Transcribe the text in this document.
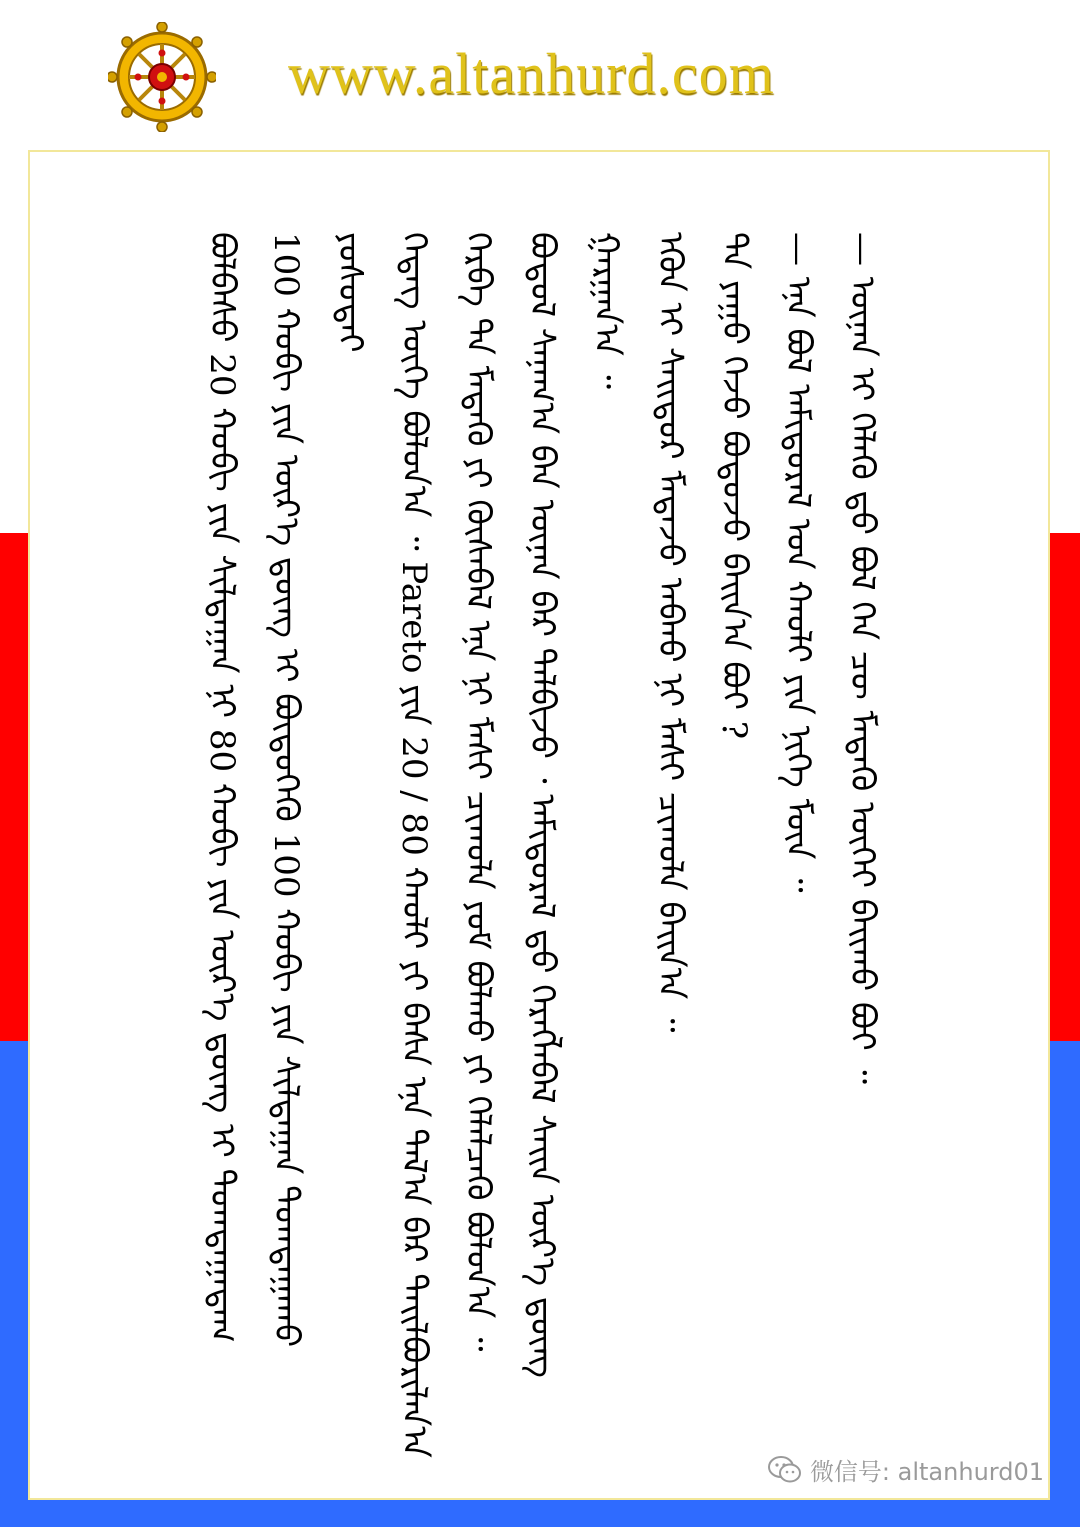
www.altanhurd.com

ᠪᠣᠯᠪᠠᠰᠤ 20 ᠬᠤᠪᠢ ᠶᠢᠨ ᠰᠢᠯᠲᠠᠭᠠᠨ ᠨᠢ 80 ᠬᠤᠪᠢ ᠶᠢᠨ ᠦᠷ᠎ᠡ ᠳ᠋ᠦᠩ ᠢ ᠲᠣᠭᠲᠠᠭᠠᠳᠠᠭ 100 ᠬᠤᠪᠢ ᠶᠢᠨ ᠦᠷ᠎ᠡ ᠳ᠋ᠦᠩ ᠢ ᠪᠦᠲᠦᠭᠡᠬᠦ 100 ᠬᠤᠪᠢ ᠶᠢᠨ ᠰᠢᠯᠲᠠᠭᠠᠨ ᠲᠣᠭᠲᠠᠭᠠᠬᠤ ᠶᠤᠰᠤᠲᠠᠢ ᠭᠡᠳᠡᠭ ᠦᠭᠡ ᠪᠣᠯᠤᠨ᠎ᠠ ᠃ Pareto ᠶᠢᠨ 20 / 80 ᠬᠠᠤᠯᠢ ᠶᠢ ᠪᠠᠰᠠ ᠡᠨᠡ ᠲᠠᠯ᠎ᠠ ᠪᠠᠷ ᠲᠠᠢᠯᠪᠤᠷᠢᠯᠠᠨ᠎ᠠ ᠬᠡᠷᠪᠡ ᠲᠠ ᠮᠡᠳᠡᠬᠦ ᠶᠢ ᠬᠦᠰᠡᠪᠡᠯ ᠡᠨᠡ ᠨᠢ ᠮᠠᠰᠢ ᠴᠢᠬᠤᠯᠠ ᠶᠤᠮ ᠪᠣᠯᠬᠤ ᠶᠢ ᠬᠡᠯᠡᠯᠴᠡᠬᠦ ᠪᠣᠯᠤᠨ᠎ᠠ ᠃ ᠪᠣᠳᠤᠯ ᠰᠠᠨᠠᠭ᠎ᠠ ᠪᠠᠨ ᠦᠨᠡᠨ ᠪᠡᠷ ᠲᠠᠯᠪᠢᠵᠤ ᠂ ᠠᠮᠢᠳᠤᠷᠠᠯ ᠳ᠋ᠤ ᠬᠡᠷᠡᠭᠯᠡᠪᠡᠯ ᠰᠠᠢᠨ ᠦᠷ᠎ᠡ ᠳ᠋ᠦᠩ ᠭᠠᠷᠭᠠᠨ᠎ᠠ ᠃ ᠡᠭᠦᠨ ᠢ ᠰᠠᠢᠲᠤᠷ ᠮᠡᠳᠡᠵᠦ ᠠᠪᠬᠤ ᠨᠢ ᠮᠠᠰᠢ ᠴᠢᠬᠤᠯᠠ ᠪᠠᠢᠨ᠎ᠠ ᠃ ᠲᠠ ᠶᠠᠭᠤ ᠭᠡᠵᠦ ᠪᠣᠳᠣᠵᠤ ᠪᠠᠢᠨ᠎ᠠ ᠪᠤᠢ ? — ᠡᠨᠡ ᠪᠣᠯ ᠠᠮᠢᠳᠤᠷᠠᠯ ᠤᠨ ᠬᠠᠤᠯᠢ ᠶᠢᠨ ᠨᠢᠭᠡ ᠮᠥᠨ ᠃ — ᠦᠨᠡᠨ ᠢ ᠬᠡᠯᠡᠬᠦ ᠳ᠋ᠦ ᠪᠣᠯ ᠬᠡᠨ ᠴᠦ ᠮᠡᠳᠡᠬᠦ ᠦᠭᠡᠢ ᠪᠠᠢᠬᠤ ᠪᠤᠢ ᠃

微信号: altanhurd01
